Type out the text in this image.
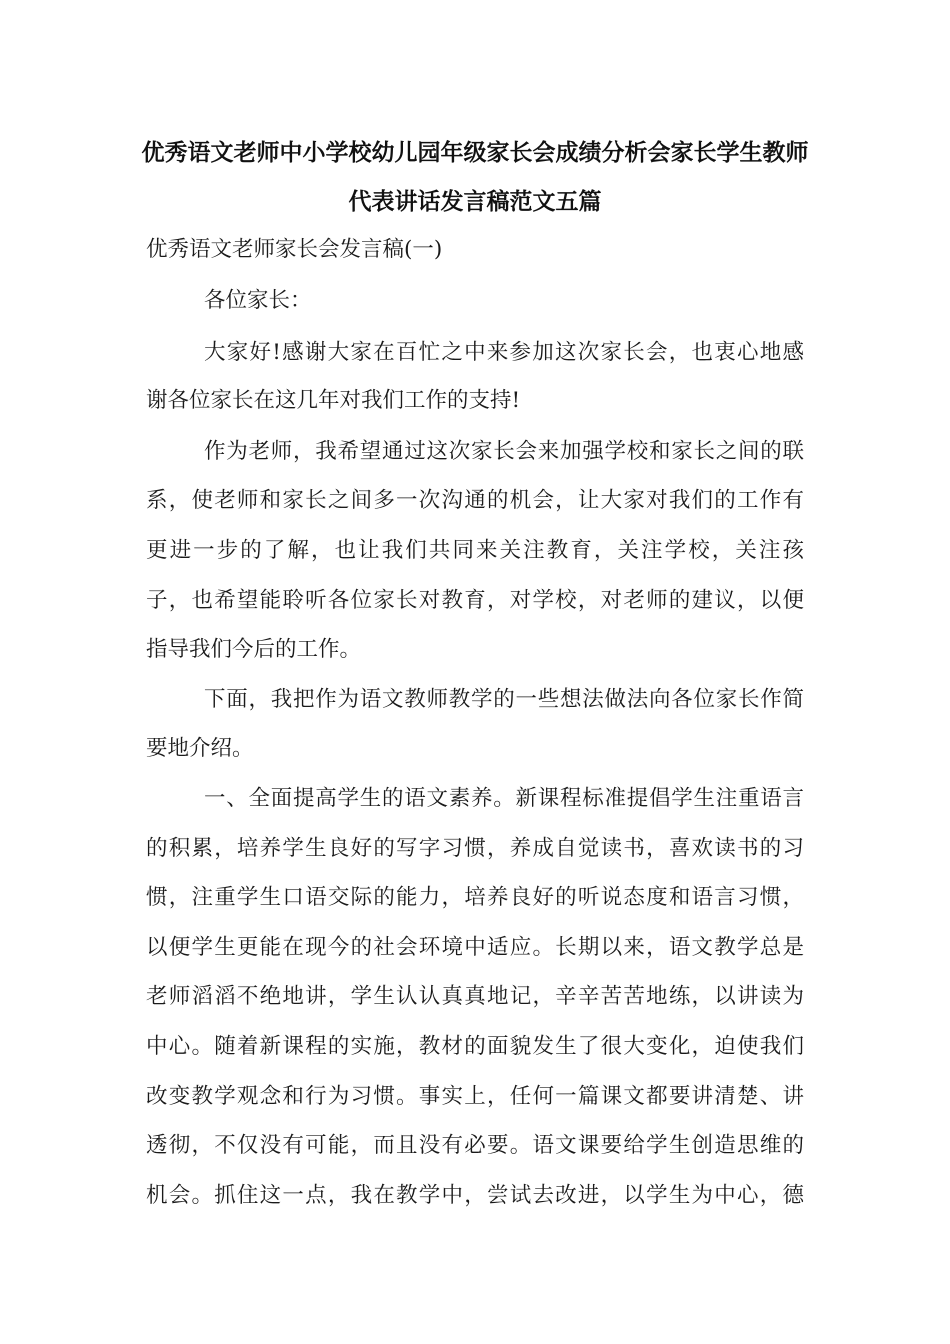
优秀语文老师中小学校幼儿园年级家长会成绩分析会家长学生教师
代表讲话发言稿范文五篇
优秀语文老师家长会发言稿(一)
各位家长：
大家好!感谢大家在百忙之中来参加这次家长会，也衷心地感
谢各位家长在这几年对我们工作的支持!
作为老师，我希望通过这次家长会来加强学校和家长之间的联
系，使老师和家长之间多一次沟通的机会，让大家对我们的工作有
更进一步的了解，也让我们共同来关注教育，关注学校，关注孩
子，也希望能聆听各位家长对教育，对学校，对老师的建议，以便
指导我们今后的工作。
下面，我把作为语文教师教学的一些想法做法向各位家长作简
要地介绍。
一、全面提高学生的语文素养。新课程标准提倡学生注重语言
的积累，培养学生良好的写字习惯，养成自觉读书，喜欢读书的习
惯，注重学生口语交际的能力，培养良好的听说态度和语言习惯，
以便学生更能在现今的社会环境中适应。长期以来，语文教学总是
老师滔滔不绝地讲，学生认认真真地记，辛辛苦苦地练，以讲读为
中心。随着新课程的实施，教材的面貌发生了很大变化，迫使我们
改变教学观念和行为习惯。事实上，任何一篇课文都要讲清楚、讲
透彻，不仅没有可能，而且没有必要。语文课要给学生创造思维的
机会。抓住这一点，我在教学中，尝试去改进，以学生为中心，德
